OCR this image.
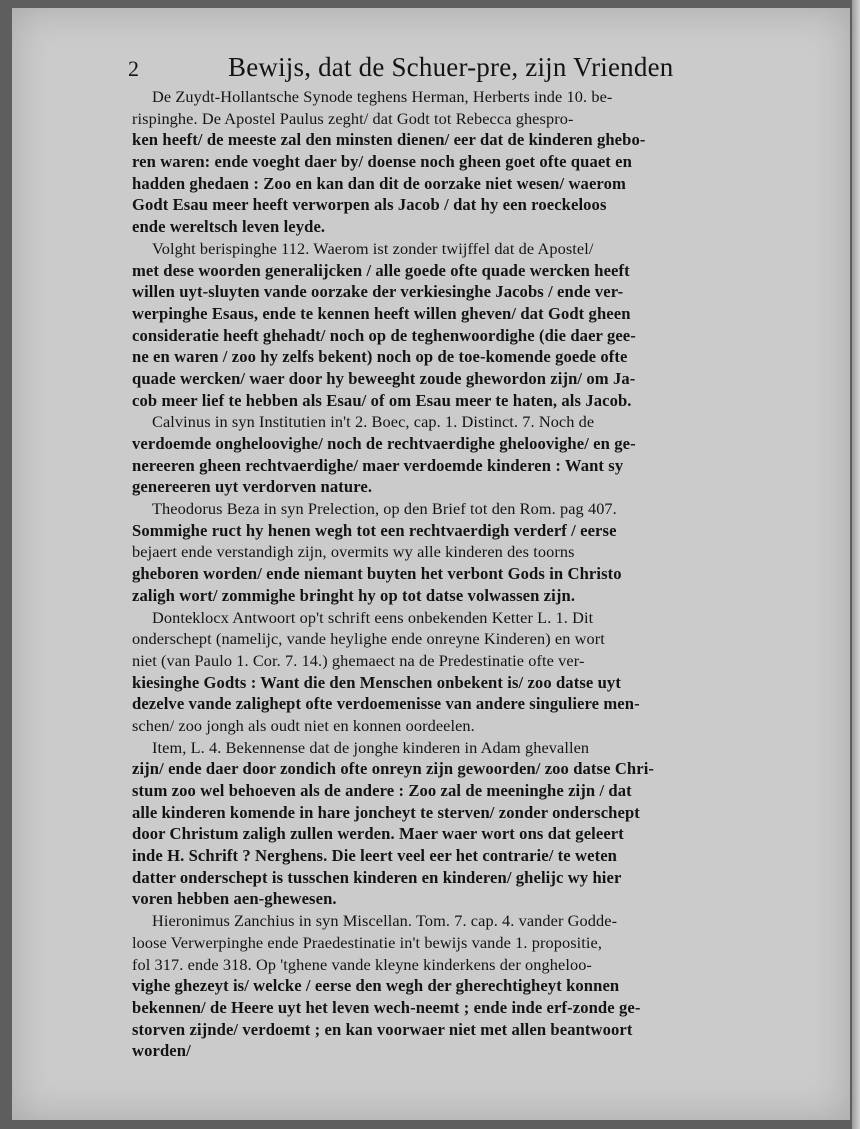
2	Bewijs, dat de Schuer-pre, zijn Vrienden
De Zuydt-Hollantsche Synode teghens Herman, Herberts inde 10. be-
rispinghe. De Apostel Paulus zeght/ dat Godt tot Rebecca ghespro-
ken heeft/ de meeste zal den minsten dienen/ eer dat de kinderen ghebo-
ren waren: ende voeght daer by/ doense noch gheen goet ofte quaet en
hadden ghedaen : Zoo en kan dan dit de oorzake niet wesen/ waerom
Godt Esau meer heeft verworpen als Jacob / dat hy een roeckeloos
ende wereltsch leven leyde.
Volght berispinghe 112. Waerom ist zonder twijffel dat de Apostel/
met dese woorden generalijcken / alle goede ofte quade wercken heeft
willen uyt-sluyten vande oorzake der verkiesinghe Jacobs / ende ver-
werpinghe Esaus, ende te kennen heeft willen gheven/ dat Godt gheen
consideratie heeft ghehadt/ noch op de teghenwoordighe (die daer gee-
ne en waren / zoo hy zelfs bekent) noch op de toe-komende goede ofte
quade wercken/ waer door hy beweeght zoude ghewordon zijn/ om Ja-
cob meer lief te hebben als Esau/ of om Esau meer te haten, als Jacob.
Calvinus in syn Institutien in't 2. Boec, cap. 1. Distinct. 7. Noch de
verdoemde ongheloovighe/ noch de rechtvaerdighe gheloovighe/ en ge-
nereeren gheen rechtvaerdighe/ maer verdoemde kinderen : Want sy
genereeren uyt verdorven nature.
Theodorus Beza in syn Prelection, op den Brief tot den Rom. pag 407.
Sommighe ruct hy henen wegh tot een rechtvaerdigh verderf / eerse
bejaert ende verstandigh zijn, overmits wy alle kinderen des toorns
gheboren worden/ ende niemant buyten het verbont Gods in Christo
zaligh wort/ zommighe bringht hy op tot datse volwassen zijn.
Donteklocx Antwoort op't schrift eens onbekenden Ketter L. 1. Dit
onderschept (namelijc, vande heylighe ende onreyne Kinderen) en wort
niet (van Paulo 1. Cor. 7. 14.) ghemaect na de Predestinatie ofte ver-
kiesinghe Godts : Want die den Menschen onbekent is/ zoo datse uyt
dezelve vande zalighept ofte verdoemenisse van andere singuliere men-
schen/ zoo jongh als oudt niet en konnen oordeelen.
Item, L. 4. Bekennense dat de jonghe kinderen in Adam ghevallen
zijn/ ende daer door zondich ofte onreyn zijn gewoorden/ zoo datse Chri-
stum zoo wel behoeven als de andere : Zoo zal de meeninghe zijn / dat
alle kinderen komende in hare joncheyt te sterven/ zonder onderschept
door Christum zaligh zullen werden. Maer waer wort ons dat geleert
inde H. Schrift ? Nerghens. Die leert veel eer het contrarie/ te weten
datter onderschept is tusschen kinderen en kinderen/ ghelijc wy hier
voren hebben aen-ghewesen.
Hieronimus Zanchius in syn Miscellan. Tom. 7. cap. 4. vander Godde-
loose Verwerpinghe ende Praedestinatie in't bewijs vande 1. propositie,
fol 317. ende 318. Op 'tghene vande kleyne kinderkens der ongheloo-
vighe ghezeyt is/ welcke / eerse den wegh der gherechtigheyt konnen
bekennen/ de Heere uyt het leven wech-neemt ; ende inde erf-zonde ge-
storven zijnde/ verdoemt ; en kan voorwaer niet met allen beantwoort
worden/
